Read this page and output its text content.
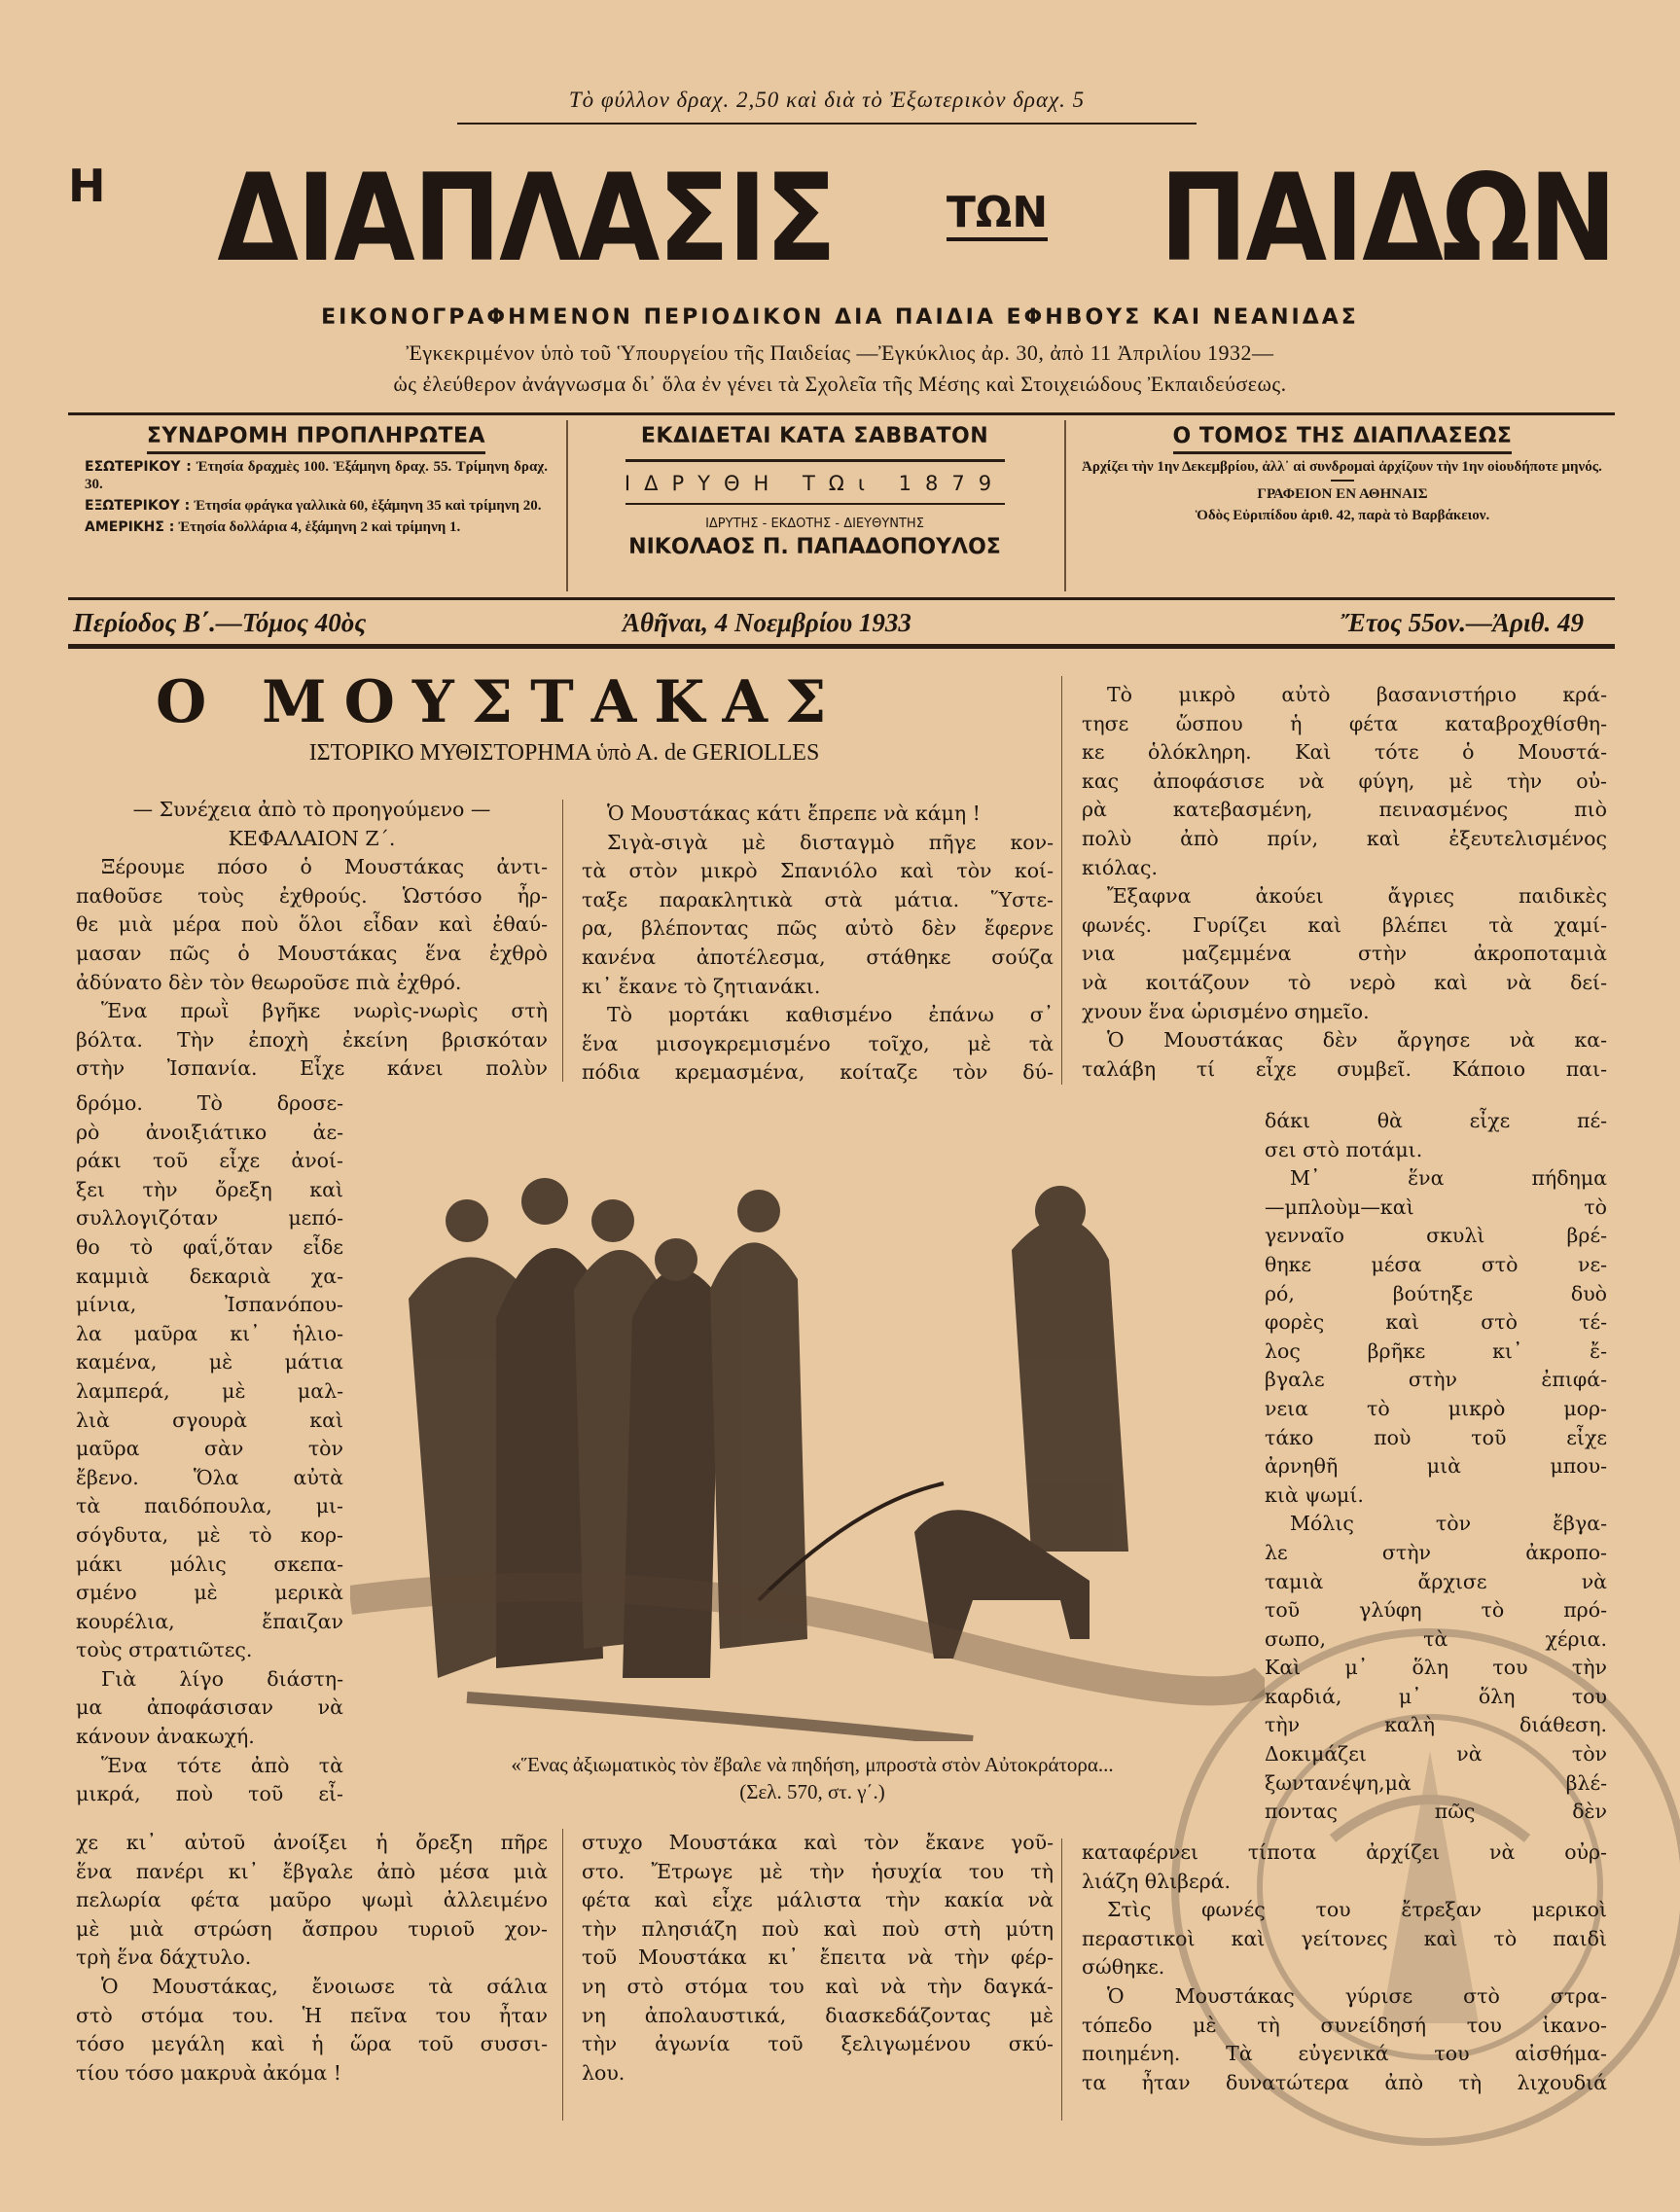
Τὸ φύλλον δραχ. 2,50 καὶ διὰ τὸ Ἐξωτερικὸν δραχ. 5
Η ΔΙΑΠΛΑΣΙΣ	ΤΩΝ ΠΑΙΔΩΝ
ΕΙΚΟΝΟΓΡΑΦΗΜΕΝΟΝ ΠΕΡΙΟΔΙΚΟΝ ΔΙΑ ΠΑΙΔΙΑ ΕΦΗΒΟΥΣ ΚΑΙ ΝΕΑΝΙΔΑΣ
Ἐγκεκριμένον ὑπὸ τοῦ Ὑπουργείου τῆς Παιδείας —Ἐγκύκλιος ἀρ. 30, ἀπὸ 11 Ἀπριλίου 1932—
ὡς ἐλεύθερον ἀνάγνωσμα δι᾽ ὅλα ἐν γένει τὰ Σχολεῖα τῆς Μέσης καὶ Στοιχειώδους Ἐκπαιδεύσεως.
ΣΥΝΔΡΟΜΗ ΠΡΟΠΛΗΡΩΤΕΑ

ΕΣΩΤΕΡΙΚΟΥ : Ἐτησία δραχμὲς 100. Ἑξάμηνη δραχ. 55. Τρίμηνη δραχ. 30.

ΕΞΩΤΕΡΙΚΟΥ : Ἐτησία φράγκα γαλλικὰ 60, ἑξάμηνη 35 καὶ τρίμηνη 20.

ΑΜΕΡΙΚΗΣ : Ἐτησία δολλάρια 4, ἑξάμηνη 2 καὶ τρίμηνη 1.

ΕΚΔΙΔΕΤΑΙ ΚΑΤΑ ΣΑΒΒΑΤΟΝ
ΙΔΡΥΘΗ ΤΩι 1879
ΙΔΡΥΤΗΣ - ΕΚΔΟΤΗΣ - ΔΙΕΥΘΥΝΤΗΣ
ΝΙΚΟΛΑΟΣ Π. ΠΑΠΑΔΟΠΟΥΛΟΣ
Ο ΤΟΜΟΣ ΤΗΣ ΔΙΑΠΛΑΣΕΩΣ

Ἀρχίζει τὴν 1ην Δεκεμβρίου, ἀλλ᾽ αἱ συνδρομαὶ ἀρχίζουν τὴν 1ην οἱουδήποτε μηνός.

ΓΡΑΦΕΙΟΝ ΕΝ ΑΘΗΝΑΙΣ

Ὁδὸς Εὐριπίδου ἀριθ. 42, παρὰ τὸ Βαρβάκειον.

Περίοδος Β΄.—Τόμος 40ὸς	Ἀθῆναι, 4 Νοεμβρίου 1933	Ἔτος 55ον.—Ἀριθ. 49
Ο ΜΟΥΣΤΑΚΑΣ
ΙΣΤΟΡΙΚΟ ΜΥΘΙΣΤΟΡΗΜΑ ὑπὸ Α. de GERIOLLES
— Συνέχεια ἀπὸ τὸ προηγούμενο —
ΚΕΦΑΛΑΙΟΝ Ζ΄.
Ξέρουμε πόσο ὁ Μουστάκας ἀντι-
παθοῦσε τοὺς ἐχθρούς. Ὡστόσο ἦρ-
θε μιὰ μέρα ποὺ ὅλοι εἶδαν καὶ ἐθαύ-
μασαν πῶς ὁ Μουστάκας ἕνα ἐχθρὸ
ἀδύνατο δὲν τὸν θεωροῦσε πιὰ ἐχθρό.
Ἕνα πρωῒ βγῆκε νωρὶς-νωρὶς στὴ
βόλτα. Τὴν ἐποχὴ ἐκείνη βρισκόταν
στὴν Ἰσπανία. Εἶχε κάνει πολὺν
δρόμο. Τὸ δροσε-
ρὸ ἀνοιξιάτικο ἀε-
ράκι τοῦ εἶχε ἀνοί-
ξει τὴν ὄρεξη καὶ
συλλογιζόταν μεπό-
θο τὸ φαΐ,ὅταν εἶδε
καμμιὰ δεκαριὰ χα-
μίνια, Ἰσπανόπου-
λα μαῦρα κι᾽ ἡλιο-
καμένα, μὲ μάτια
λαμπερά, μὲ μαλ-
λιὰ σγουρὰ καὶ
μαῦρα σὰν τὸν
ἔβενο. Ὅλα αὐτὰ
τὰ παιδόπουλα, μι-
σόγδυτα, μὲ τὸ κορ-
μάκι μόλις σκεπα-
σμένο μὲ μερικὰ
κουρέλια, ἔπαιζαν
τοὺς στρατιῶτες.
Γιὰ λίγο διάστη-
μα ἀποφάσισαν νὰ
κάνουν ἀνακωχή.
Ἕνα τότε ἀπὸ τὰ
μικρά, ποὺ τοῦ εἶ-
χε κι᾽ αὐτοῦ ἀνοίξει ἡ ὄρεξη πῆρε
ἕνα πανέρι κι᾽ ἔβγαλε ἀπὸ μέσα μιὰ
πελωρία φέτα μαῦρο ψωμὶ ἀλλειμένο
μὲ μιὰ στρώση ἄσπρου τυριοῦ χον-
τρὴ ἕνα δάχτυλο.
Ὁ Μουστάκας, ἔνοιωσε τὰ σάλια
στὸ στόμα του. Ἡ πεῖνα του ἦταν
τόσο μεγάλη καὶ ἡ ὥρα τοῦ συσσι-
τίου τόσο μακρυὰ ἀκόμα !
Ὁ Μουστάκας κάτι ἔπρεπε νὰ κάμη !
Σιγὰ-σιγὰ μὲ δισταγμὸ πῆγε κον-
τὰ στὸν μικρὸ Σπανιόλο καὶ τὸν κοί-
ταξε παρακλητικὰ στὰ μάτια. Ὕστε-
ρα, βλέποντας πῶς αὐτὸ δὲν ἔφερνε
κανένα ἀποτέλεσμα, στάθηκε σούζα
κι᾽ ἔκανε τὸ ζητιανάκι.
Τὸ μορτάκι καθισμένο ἐπάνω σ᾽
ἕνα μισογκρεμισμένο τοῖχο, μὲ τὰ
πόδια κρεμασμένα, κοίταζε τὸν δύ-
στυχο Μουστάκα καὶ τὸν ἔκανε γοῦ-
στο. Ἔτρωγε μὲ τὴν ἡσυχία του τὴ
φέτα καὶ εἶχε μάλιστα τὴν κακία νὰ
τὴν πλησιάζη ποὺ καὶ ποὺ στὴ μύτη
τοῦ Μουστάκα κι᾽ ἔπειτα νὰ τὴν φέρ-
νη στὸ στόμα του καὶ νὰ τὴν δαγκά-
νη ἀπολαυστικά, διασκεδάζοντας μὲ
τὴν ἀγωνία τοῦ ξελιγωμένου σκύ-
λου.
Τὸ μικρὸ αὐτὸ βασανιστήριο κρά-
τησε ὥσπου ἡ φέτα καταβροχθίσθη-
κε ὁλόκληρη. Καὶ τότε ὁ Μουστά-
κας ἀποφάσισε νὰ φύγη, μὲ τὴν οὐ-
ρὰ κατεβασμένη, πεινασμένος πιὸ
πολὺ ἀπὸ πρίν, καὶ ἐξευτελισμένος
κιόλας.
Ἔξαφνα ἀκούει ἄγριες παιδικὲς
φωνές. Γυρίζει καὶ βλέπει τὰ χαμί-
νια μαζεμμένα στὴν ἀκροποταμιὰ
νὰ κοιτάζουν τὸ νερὸ καὶ νὰ δεί-
χνουν ἕνα ὡρισμένο σημεῖο.
Ὁ Μουστάκας δὲν ἄργησε νὰ κα-
ταλάβη τί εἶχε συμβεῖ. Κάποιο παι-
δάκι θὰ εἶχε πέ-
σει στὸ ποτάμι.
Μ᾽ ἕνα πήδημα
—μπλοὺμ—καὶ τὸ
γενναῖο σκυλὶ βρέ-
θηκε μέσα στὸ νε-
ρό, βούτηξε δυὸ
φορὲς καὶ στὸ τέ-
λος βρῆκε κι᾽ ἔ-
βγαλε στὴν ἐπιφά-
νεια τὸ μικρὸ μορ-
τάκο ποὺ τοῦ εἶχε
ἀρνηθῆ μιὰ μπου-
κιὰ ψωμί.
Μόλις τὸν ἔβγα-
λε στὴν ἀκροπο-
ταμιὰ ἄρχισε νὰ
τοῦ γλύφη τὸ πρό-
σωπο, τὰ χέρια.
Καὶ μ᾽ ὅλη του τὴν
καρδιά, μ᾽ ὅλη του
τὴν καλὴ διάθεση.
Δοκιμάζει νὰ τὸν
ξωντανέψη,μὰ βλέ-
ποντας πῶς δὲν
καταφέρνει τίποτα ἀρχίζει νὰ οὐρ-
λιάζη θλιβερά.
Στὶς φωνές του ἔτρεξαν μερικοὶ
περαστικοὶ καὶ γείτονες καὶ τὸ παιδὶ
σώθηκε.
Ὁ Μουστάκας γύρισε στὸ στρα-
τόπεδο μὲ τὴ συνείδησή του ἱκανο-
ποιημένη. Τὰ εὐγενικά του αἰσθήμα-
τα ἦταν δυνατώτερα ἀπὸ τὴ λιχουδιά
«Ἕνας ἀξιωματικὸς τὸν ἔβαλε νὰ πηδήση, μπροστὰ στὸν Αὐτοκράτορα...
(Σελ. 570, στ. γ΄.)
